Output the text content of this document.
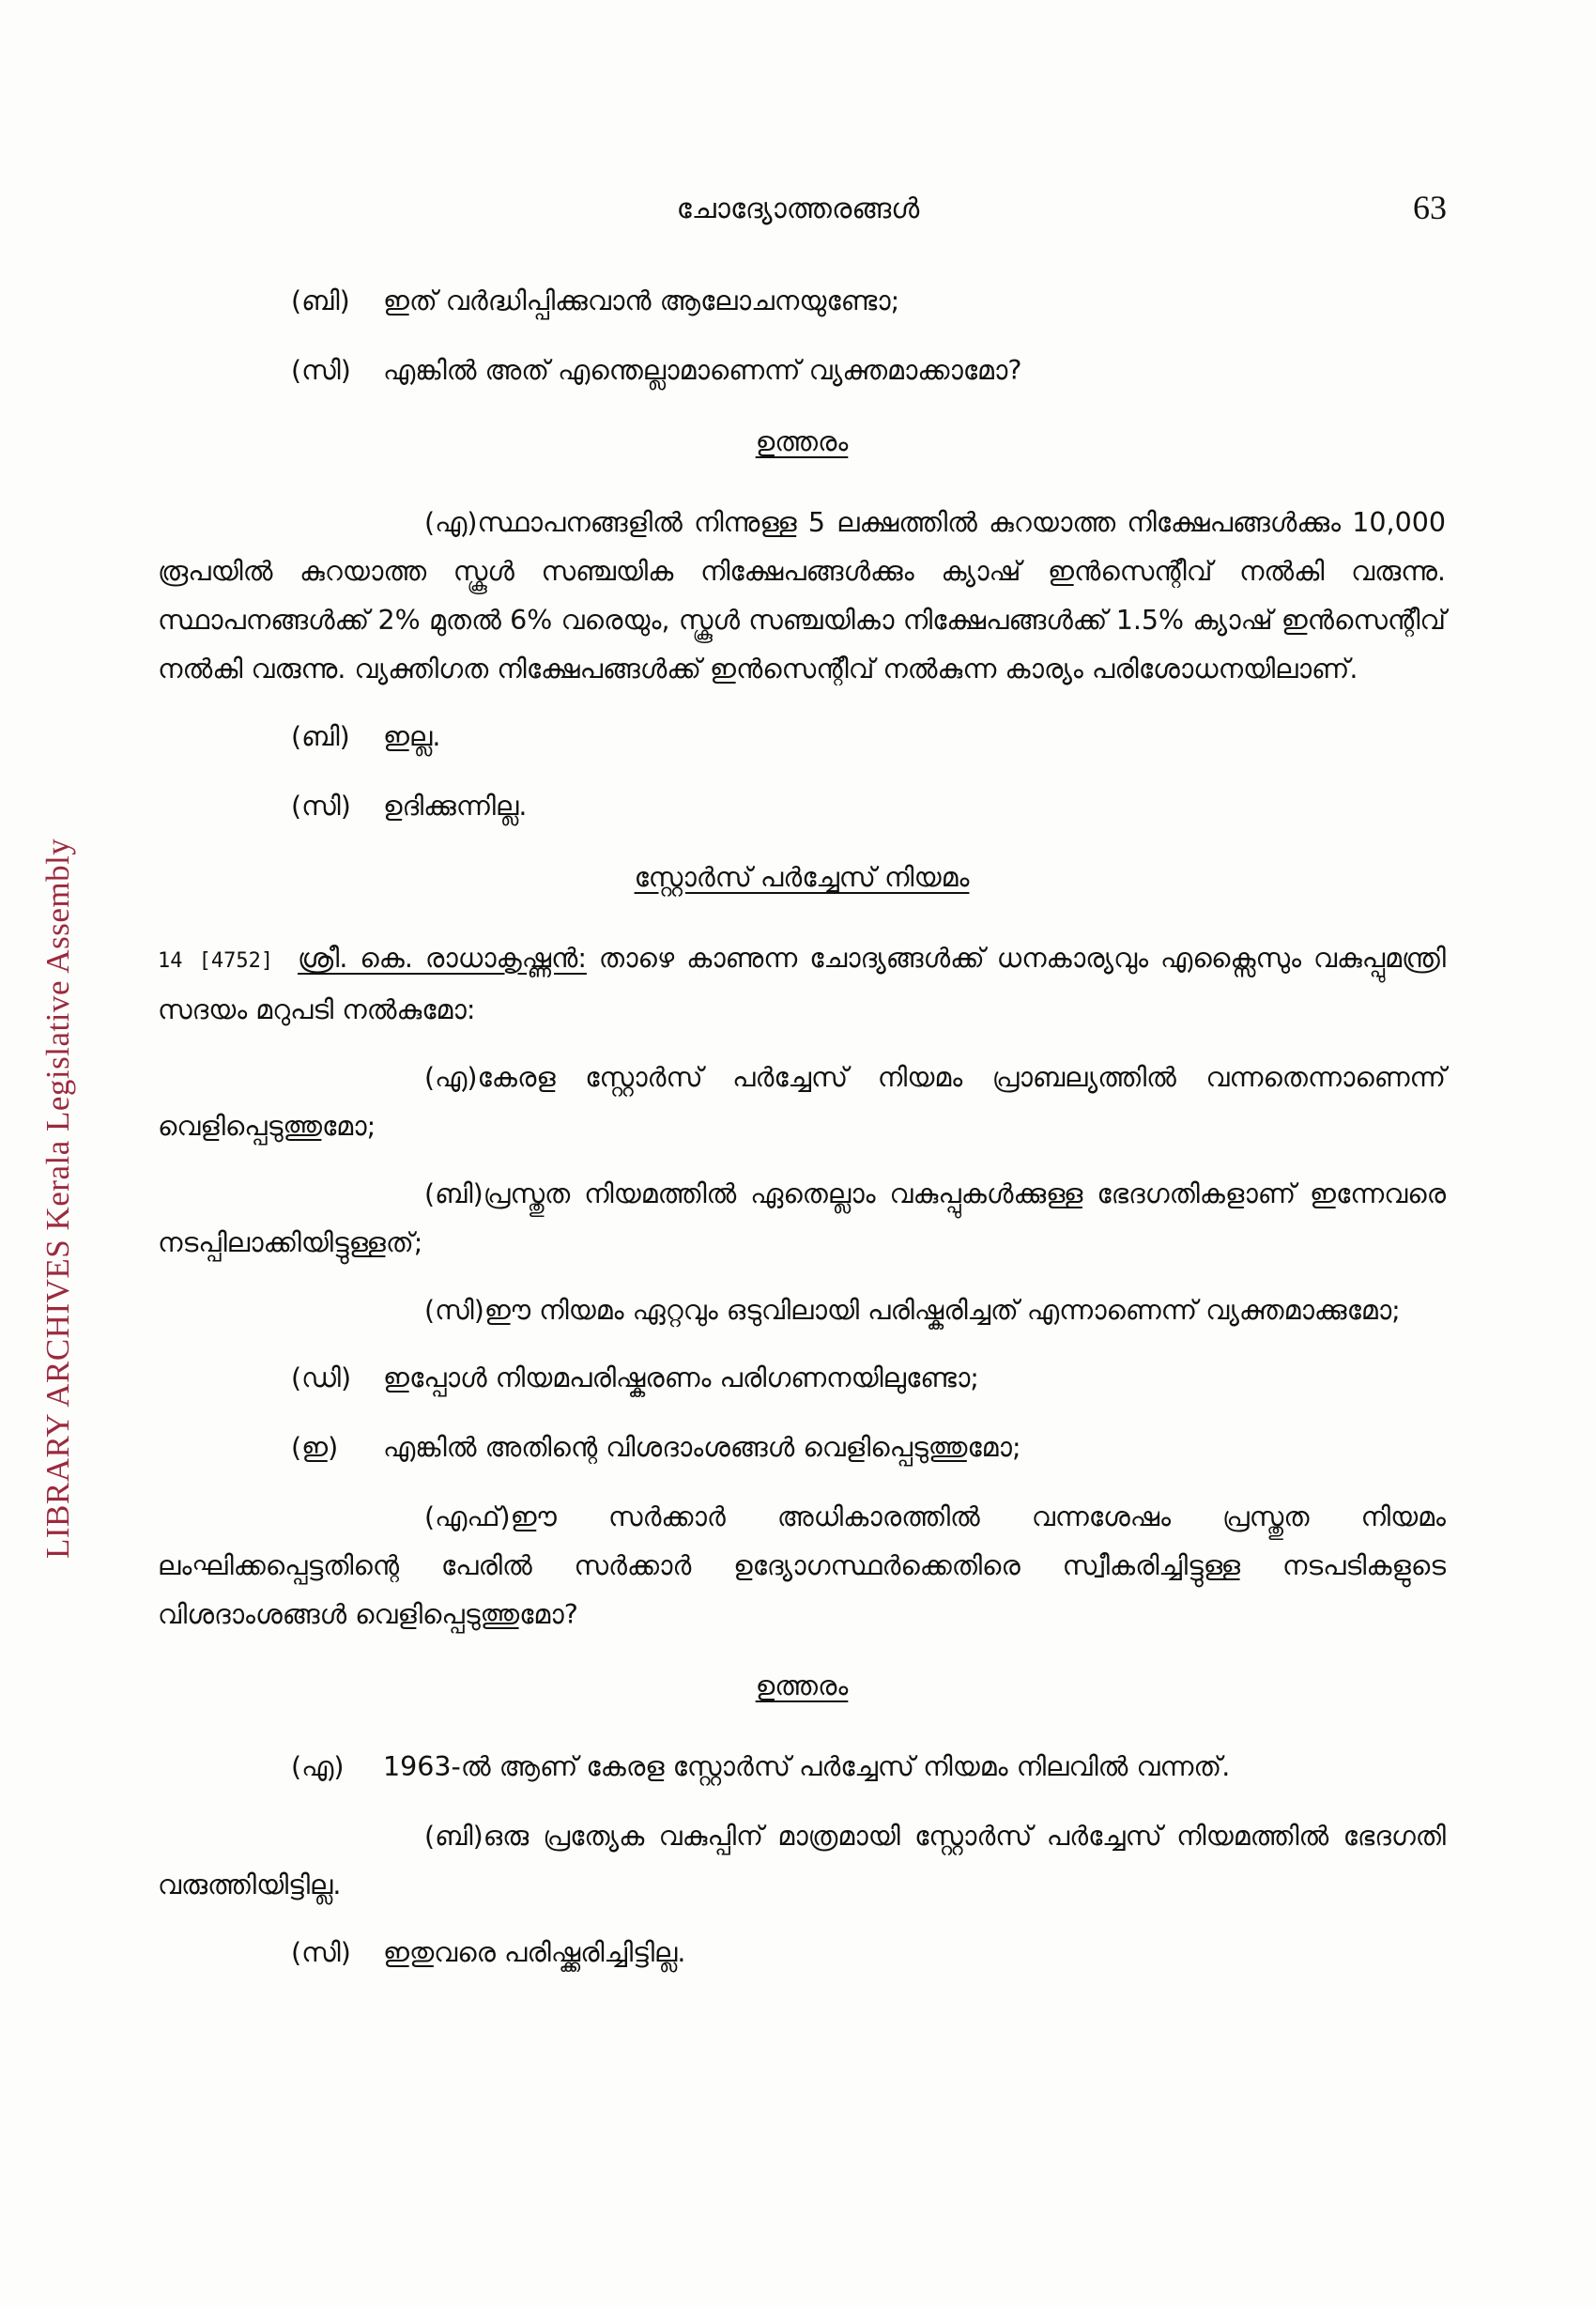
LIBRARY ARCHIVES Kerala Legislative Assembly
ചോദ്യോത്തരങ്ങൾ	63
(ബി) ഇത് വർദ്ധിപ്പിക്കുവാൻ ആലോചനയുണ്ടോ;
(സി) എങ്കിൽ അത് എന്തെല്ലാമാണെന്ന് വ്യക്തമാക്കാമോ?
ഉത്തരം
(എ)സ്ഥാപനങ്ങളിൽ നിന്നുള്ള 5 ലക്ഷത്തിൽ കുറയാത്ത നിക്ഷേപങ്ങൾക്കും 10,000 രൂപയിൽ കുറയാത്ത സ്കൂൾ സഞ്ചയിക നിക്ഷേപങ്ങൾക്കും ക്യാഷ് ഇൻസെന്റീവ് നൽകി വരുന്നു. സ്ഥാപനങ്ങൾക്ക് 2% മുതൽ 6% വരെയും, സ്കൂൾ സഞ്ചയികാ നിക്ഷേപങ്ങൾക്ക് 1.5% ക്യാഷ് ഇൻസെന്റീവ് നൽകി വരുന്നു. വ്യക്തിഗത നിക്ഷേപങ്ങൾക്ക് ഇൻസെന്റീവ് നൽകുന്ന കാര്യം പരിശോധനയിലാണ്.
(ബി) ഇല്ല.
(സി) ഉദിക്കുന്നില്ല.
സ്റ്റോർസ് പർച്ചേസ് നിയമം
14 [4752] ശ്രീ. കെ. രാധാകൃഷ്ണൻ: താഴെ കാണുന്ന ചോദ്യങ്ങൾക്ക് ധനകാര്യവും എക്സൈസും വകുപ്പുമന്ത്രി സദയം മറുപടി നൽകുമോ:
(എ)കേരള സ്റ്റോർസ് പർച്ചേസ് നിയമം പ്രാബല്യത്തിൽ വന്നതെന്നാണെന്ന് വെളിപ്പെടുത്തുമോ;
(ബി)പ്രസ്തുത നിയമത്തിൽ ഏതെല്ലാം വകുപ്പുകൾക്കുള്ള ഭേദഗതികളാണ് ഇന്നേവരെ നടപ്പിലാക്കിയിട്ടുള്ളത്;
(സി)ഈ നിയമം ഏറ്റവും ഒടുവിലായി പരിഷ്കരിച്ചത് എന്നാണെന്ന് വ്യക്തമാക്കുമോ;
(ഡി) ഇപ്പോൾ നിയമപരിഷ്കരണം പരിഗണനയിലുണ്ടോ;
(ഇ) എങ്കിൽ അതിന്റെ വിശദാംശങ്ങൾ വെളിപ്പെടുത്തുമോ;
(എഫ്)ഈ സർക്കാർ അധികാരത്തിൽ വന്നശേഷം പ്രസ്തുത നിയമം ലംഘിക്കപ്പെട്ടതിന്റെ പേരിൽ സർക്കാർ ഉദ്യോഗസ്ഥർക്കെതിരെ സ്വീകരിച്ചിട്ടുള്ള നടപടികളുടെ വിശദാംശങ്ങൾ വെളിപ്പെടുത്തുമോ?
ഉത്തരം
(എ) 1963-ൽ ആണ് കേരള സ്റ്റോർസ് പർച്ചേസ് നിയമം നിലവിൽ വന്നത്.
(ബി)ഒരു പ്രത്യേക വകുപ്പിന് മാത്രമായി സ്റ്റോർസ് പർച്ചേസ് നിയമത്തിൽ ഭേദഗതി വരുത്തിയിട്ടില്ല.
(സി) ഇതുവരെ പരിഷ്ക്കരിച്ചിട്ടില്ല.
